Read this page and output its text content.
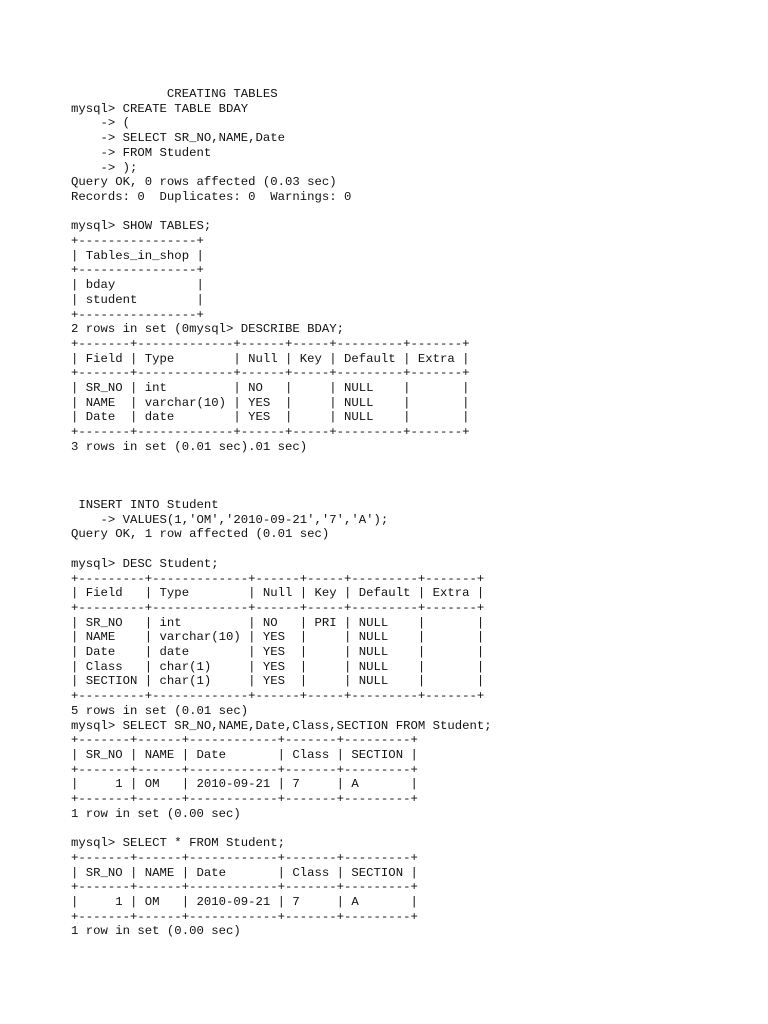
CREATING TABLES
mysql> CREATE TABLE BDAY
-> (
-> SELECT SR_NO,NAME,Date
-> FROM Student
-> );
Query OK, 0 rows affected (0.03 sec)
Records: 0  Duplicates: 0  Warnings: 0

mysql> SHOW TABLES;
+----------------+
| Tables_in_shop |
+----------------+
| bday           |
| student        |
+----------------+
2 rows in set (0mysql> DESCRIBE BDAY;
+-------+-------------+------+-----+---------+-------+
| Field | Type        | Null | Key | Default | Extra |
+-------+-------------+------+-----+---------+-------+
| SR_NO | int         | NO   |     | NULL    |       |
| NAME  | varchar(10) | YES  |     | NULL    |       |
| Date  | date        | YES  |     | NULL    |       |
+-------+-------------+------+-----+---------+-------+
3 rows in set (0.01 sec).01 sec)
INSERT INTO Student
-> VALUES(1,'OM','2010-09-21','7','A');
Query OK, 1 row affected (0.01 sec)

mysql> DESC Student;
+---------+-------------+------+-----+---------+-------+
| Field   | Type        | Null | Key | Default | Extra |
+---------+-------------+------+-----+---------+-------+
| SR_NO   | int         | NO   | PRI | NULL    |       |
| NAME    | varchar(10) | YES  |     | NULL    |       |
| Date    | date        | YES  |     | NULL    |       |
| Class   | char(1)     | YES  |     | NULL    |       |
| SECTION | char(1)     | YES  |     | NULL    |       |
+---------+-------------+------+-----+---------+-------+
5 rows in set (0.01 sec)
mysql> SELECT SR_NO,NAME,Date,Class,SECTION FROM Student;
+-------+------+------------+-------+---------+
| SR_NO | NAME | Date       | Class | SECTION |
+-------+------+------------+-------+---------+
|     1 | OM   | 2010-09-21 | 7     | A       |
+-------+------+------------+-------+---------+
1 row in set (0.00 sec)

mysql> SELECT * FROM Student;
+-------+------+------------+-------+---------+
| SR_NO | NAME | Date       | Class | SECTION |
+-------+------+------------+-------+---------+
|     1 | OM   | 2010-09-21 | 7     | A       |
+-------+------+------------+-------+---------+
1 row in set (0.00 sec)
